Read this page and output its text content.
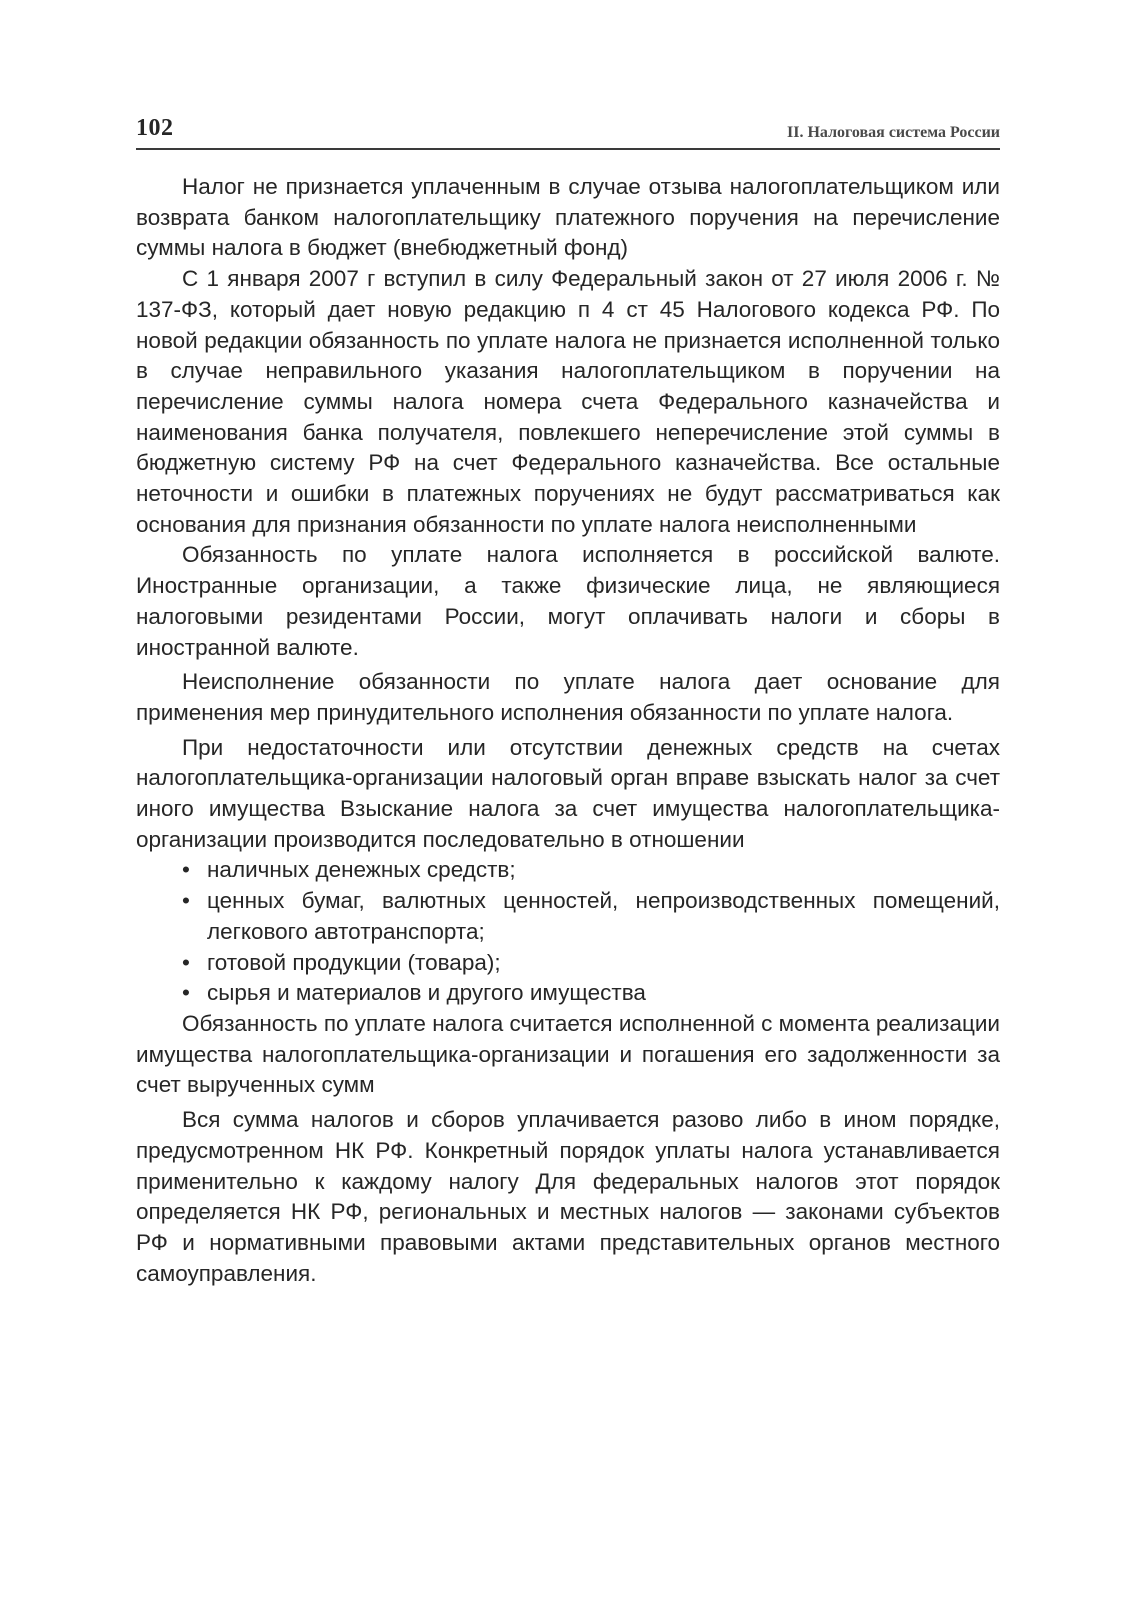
102	II. Налоговая система России

Налог не признается уплаченным в случае отзыва налогоплательщиком или возврата банком налогоплательщику платежного поручения на перечисление суммы налога в бюджет (внебюджетный фонд)

С 1 января 2007 г вступил в силу Федеральный закон от 27 июля 2006 г. № 137-ФЗ, который дает новую редакцию п 4 ст 45 Налогового кодекса РФ. По новой редакции обязанность по уплате налога не признается исполненной только в случае неправильного указания налогоплательщиком в поручении на перечисление суммы налога номера счета Федерального казначейства и наименования банка получателя, повлекшего неперечисление этой суммы в бюджетную систему РФ на счет Федерального казначейства. Все остальные неточности и ошибки в платежных поручениях не будут рассматриваться как основания для признания обязанности по уплате налога неисполненными

Обязанность по уплате налога исполняется в российской валюте. Иностранные организации, а также физические лица, не являющиеся налоговыми резидентами России, могут оплачивать налоги и сборы в иностранной валюте.

Неисполнение обязанности по уплате налога дает основание для применения мер принудительного исполнения обязанности по уплате налога.

При недостаточности или отсутствии денежных средств на счетах налогоплательщика-организации налоговый орган вправе взыскать налог за счет иного имущества Взыскание налога за счет имущества налогоплательщика-организации производится последовательно в отношении

• наличных денежных средств;
• ценных бумаг, валютных ценностей, непроизводственных помещений, легкового автотранспорта;
• готовой продукции (товара);
• сырья и материалов и другого имущества

Обязанность по уплате налога считается исполненной с момента реализации имущества налогоплательщика-организации и погашения его задолженности за счет вырученных сумм

Вся сумма налогов и сборов уплачивается разово либо в ином порядке, предусмотренном НК РФ. Конкретный порядок уплаты налога устанавливается применительно к каждому налогу Для федеральных налогов этот порядок определяется НК РФ, региональных и местных налогов — законами субъектов РФ и нормативными правовыми актами представительных органов местного самоуправления.
